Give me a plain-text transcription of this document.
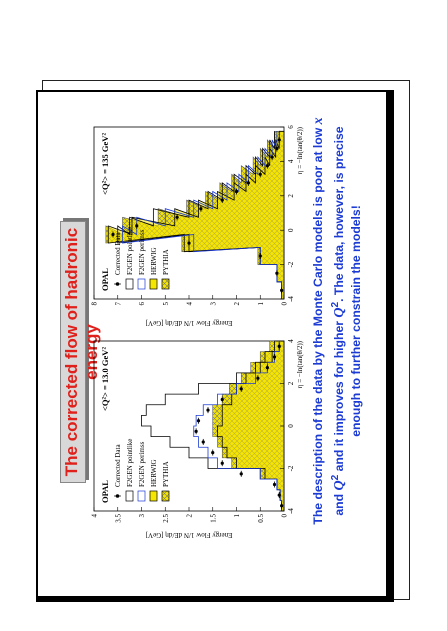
The corrected flow of hadronic energy
-4
-2
0
2
4
0
0.5
1
1.5
2
2.5
3
3.5
4
η = −ln(tan(θ/2))
Energy Flow 1/N dE/dη [GeV]
OPAL
<Q²> = 13.0 GeV²
Corrected Data F2GEN pointlike F2GEN perimss HERWIG PYTHIA
-4
-2
0
2
4
6
0
1
2
3
4
5
6
7
8
η = −ln(tan(θ/2))
Energy Flow 1/N dE/dη [GeV]
OPAL
<Q²> = 135 GeV²
Corrected Data F2GEN pointlike F2GEN perimss HERWIG PYTHIA	The description of the data by the Monte Carlo models is poor at low x
and $Q^2$ and it improves for higher $Q^2$. The data, however, is precise enough to further constrain the models!
